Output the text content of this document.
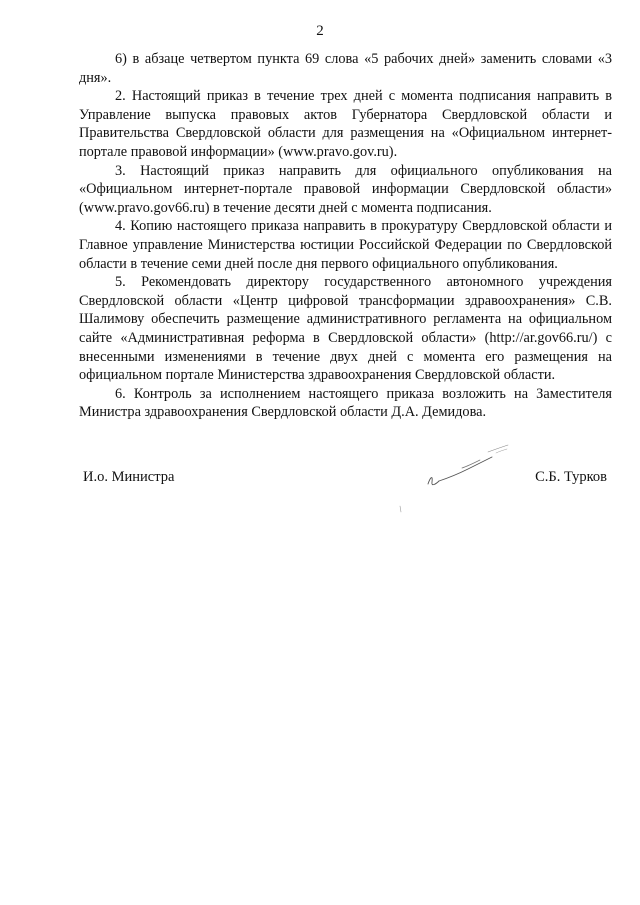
2

6) в абзаце четвертом пункта 69 слова «5 рабочих дней» заменить словами «3 дня».

2. Настоящий приказ в течение трех дней с момента подписания направить в Управление выпуска правовых актов Губернатора Свердловской области и Правительства Свердловской области для размещения на «Официальном интернет-портале правовой информации» (www.pravo.gov.ru).

3. Настоящий приказ направить для официального опубликования на «Официальном интернет-портале правовой информации Свердловской области» (www.pravo.gov66.ru) в течение десяти дней с момента подписания.

4. Копию настоящего приказа направить в прокуратуру Свердловской области и Главное управление Министерства юстиции Российской Федерации по Свердловской области в течение семи дней после дня первого официального опубликования.

5. Рекомендовать директору государственного автономного учреждения Свердловской области «Центр цифровой трансформации здравоохранения» С.В. Шалимову обеспечить размещение административного регламента на официальном сайте «Административная реформа в Свердловской области» (http://ar.gov66.ru/) с внесенными изменениями в течение двух дней с момента его размещения на официальном портале Министерства здравоохранения Свердловской области.

6. Контроль за исполнением настоящего приказа возложить на Заместителя Министра здравоохранения Свердловской области Д.А. Демидова.

И.о. Министра	С.Б. Турков
